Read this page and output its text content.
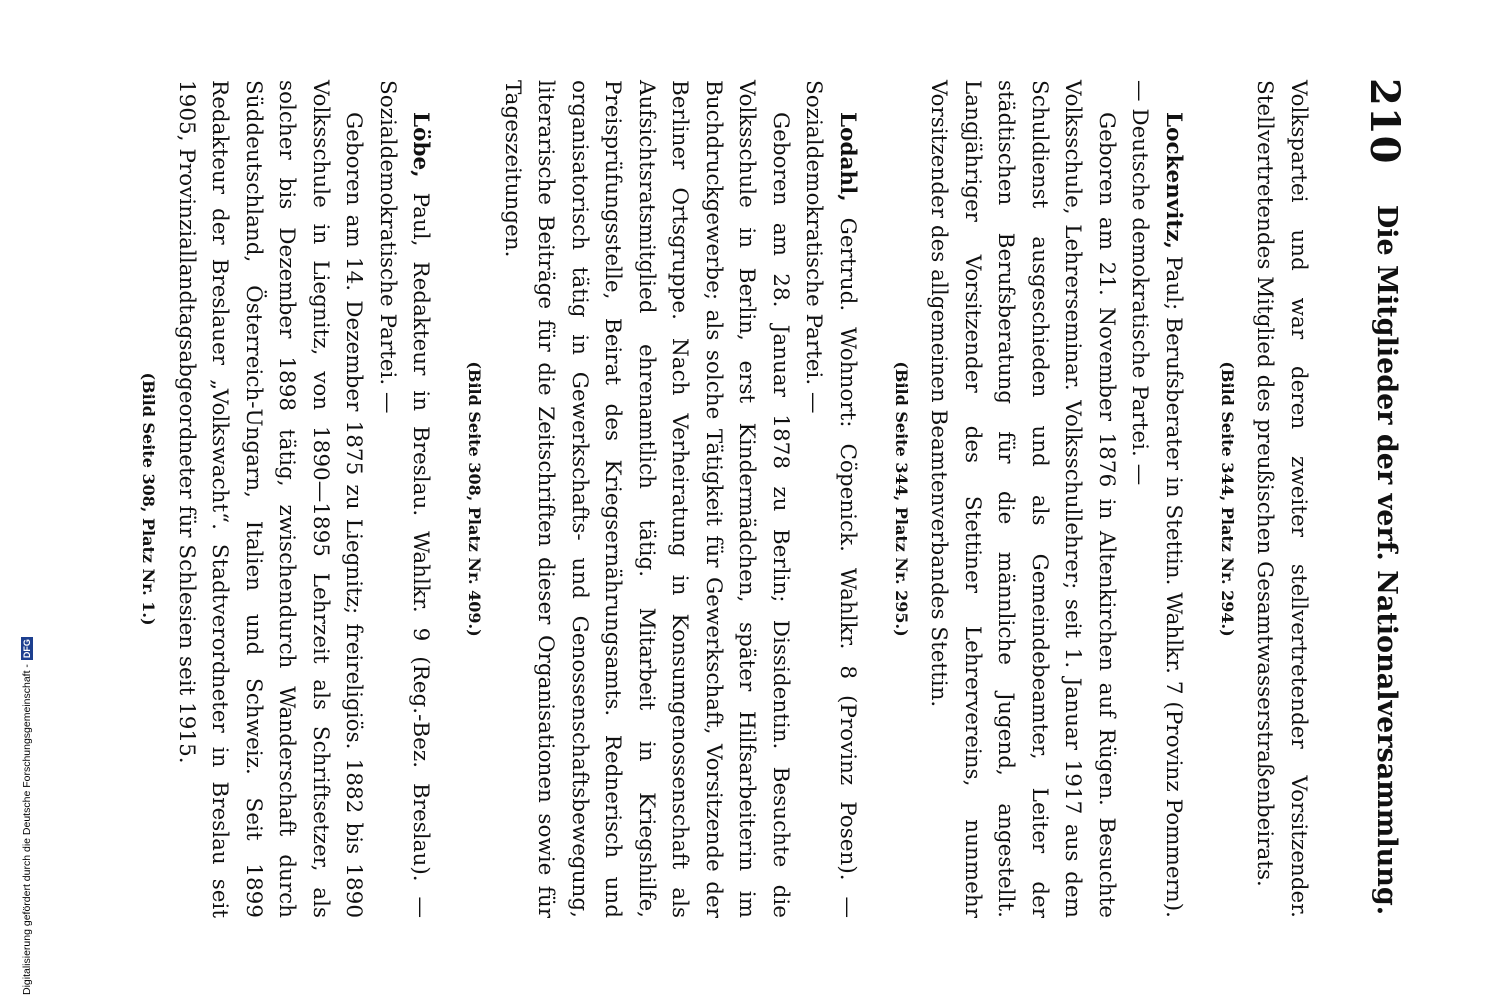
210
Die Mitglieder der verf. Nationalversammlung.

Volkspartei und war deren zweiter stellvertretender Vorsitzender. Stellvertretendes Mitglied des preußischen Gesamtwasserstraßenbeirats.

(Bild Seite 344, Platz Nr. 294.)

Lockenvitz, Paul; Berufsberater in Stettin. Wahlkr. 7 (Provinz Pommern). — Deutsche demokratische Partei. —

Geboren am 21. November 1876 in Altenkirchen auf Rügen. Besuchte Volksschule, Lehrerseminar. Volksschullehrer; seit 1. Januar 1917 aus dem Schuldienst ausgeschieden und als Gemeindebeamter, Leiter der städtischen Berufsberatung für die männliche Jugend, angestellt. Langjähriger Vorsitzender des Stettiner Lehrervereins, nunmehr Vorsitzender des allgemeinen Beamtenverbandes Stettin.

(Bild Seite 344, Platz Nr. 295.)

Lodahl, Gertrud. Wohnort: Cöpenick. Wahlkr. 8 (Provinz Posen). — Sozialdemokratische Partei. —

Geboren am 28. Januar 1878 zu Berlin; Dissidentin. Besuchte die Volksschule in Berlin, erst Kindermädchen, später Hilfsarbeiterin im Buchdruckgewerbe; als solche Tätigkeit für Gewerkschaft, Vorsitzende der Berliner Ortsgruppe. Nach Verheiratung in Konsumgenossenschaft als Aufsichtsratsmitglied ehrenamtlich tätig. Mitarbeit in Kriegshilfe, Preisprüfungsstelle, Beirat des Kriegsernährungsamts. Rednerisch und organisatorisch tätig in Gewerkschafts- und Genossenschaftsbewegung, literarische Beiträge für die Zeitschriften dieser Organisationen sowie für Tageszeitungen.

(Bild Seite 308, Platz Nr. 409.)

Löbe, Paul, Redakteur in Breslau. Wahlkr. 9 (Reg.-Bez. Breslau). — Sozialdemokratische Partei. —

Geboren am 14. Dezember 1875 zu Liegnitz; freireligiös. 1882 bis 1890 Volksschule in Liegnitz, von 1890—1895 Lehrzeit als Schriftsetzer, als solcher bis Dezember 1898 tätig, zwischendurch Wanderschaft durch Süddeutschland, Österreich-Ungarn, Italien und Schweiz. Seit 1899 Redakteur der Breslauer „Volkswacht“. Stadtverordneter in Breslau seit 1905, Provinziallandtagsabgeordneter für Schlesien seit 1915.

(Bild Seite 308, Platz Nr. 1.)
Digitalisierung gefördert durch die Deutsche Forschungsgemeinschaft -
DFG
